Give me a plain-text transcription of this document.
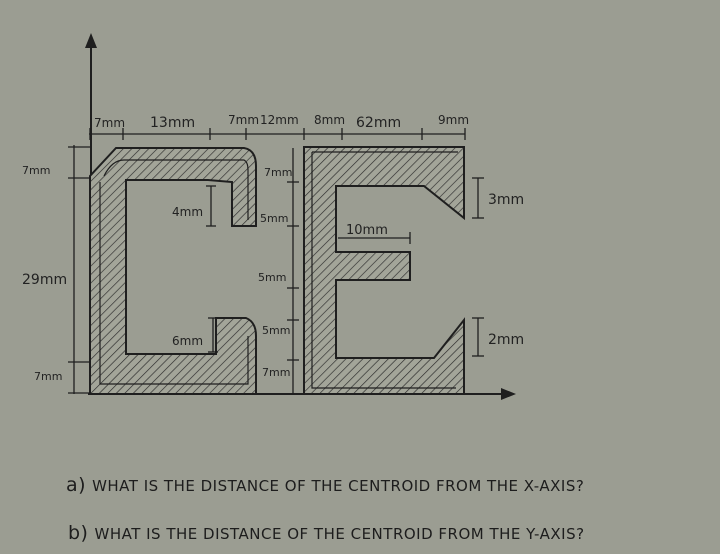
7mm 13mm	7mm 12mm 8mm 62mm	9mm
7mm
29mm
7mm
4mm
6mm
7mm
5mm
5mm
5mm
7mm
10mm
3mm
2mm
a) WHAT IS THE DISTANCE OF THE CENTROID FROM THE X-AXIS?
b) WHAT IS THE DISTANCE OF THE CENTROID FROM THE Y-AXIS?
